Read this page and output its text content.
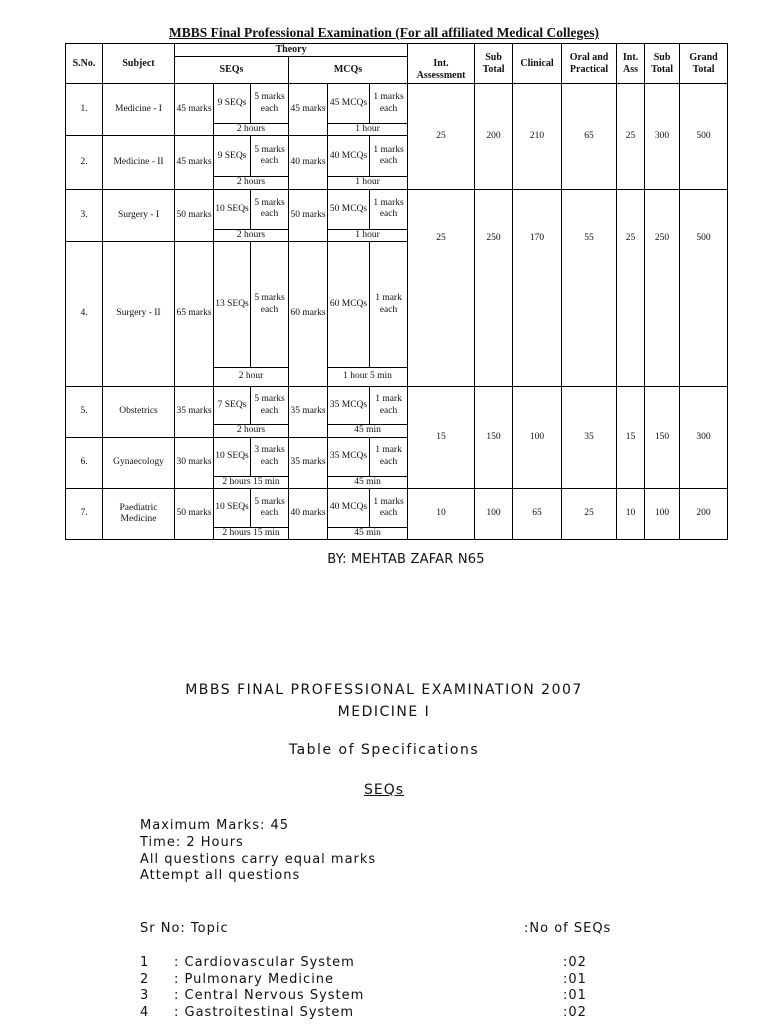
MBBS Final Professional Examination (For all affiliated Medical Colleges)
S.No.	Subject	Theory						Int. Assessment	Sub Total	Clinical	Oral and Practical	Int. Ass	Sub Total	Grand Total
		SEQs			MCQs									
1.	Medicine - I	45 marks	9 SEQs	5 marks each	45 marks	45 MCQs	1 marks each	25	200	210	65	25	300	500
			2 hours			1 hour								
2.	Medicine - II	45 marks	9 SEQs	5 marks each	40 marks	40 MCQs	1 marks each							
			2 hours			1 hour								
3.	Surgery - I	50 marks	10 SEQs	5 marks each	50 marks	50 MCQs	1 marks each	25	250	170	55	25	250	500
			2 hours			1 hour								
4.	Surgery - II	65 marks	13 SEQs	5 marks each	60 marks	60 MCQs	1 mark each							
			2 hour			1 hour 5 min								
5.	Obstetrics	35 marks	7 SEQs	5 marks each	35 marks	35 MCQs	1 mark each	15	150	100	35	15	150	300
			2 hours			45 min								
6.	Gynaecology	30 marks	10 SEQs	3 marks each	35 marks	35 MCQs	1 mark each							
			2 hours 15 min			45 min								
7.	Paediatric Medicine	50 marks	10 SEQs	5 marks each	40 marks	40 MCQs	1 marks each	10	100	65	25	10	100	200
			2 hours 15 min			45 min								
BY: MEHTAB ZAFAR N65
MBBS FINAL PROFESSIONAL EXAMINATION 2007
MEDICINE I
Table of Specifications
SEQs
Maximum Marks: 45
Time: 2 Hours
All questions carry equal marks
Attempt all questions
Sr No: Topic	:No of SEQs
1 : Cardiovascular System	:02
2 : Pulmonary Medicine	:01
3 : Central Nervous System	:01
4 : Gastroitestinal System	:02
